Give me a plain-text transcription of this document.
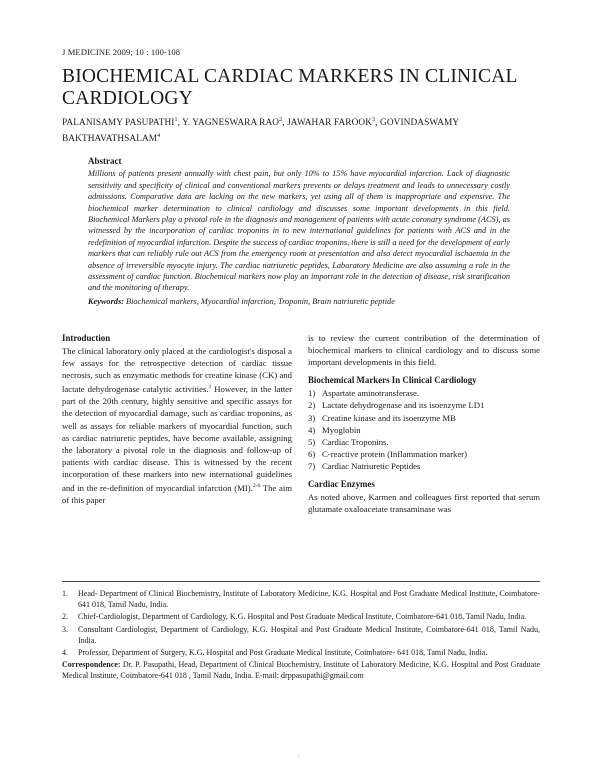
J MEDICINE 2009; 10 : 100-108
BIOCHEMICAL CARDIAC MARKERS IN CLINICAL CARDIOLOGY
PALANISAMY PASUPATHI$^1$, Y. YAGNESWARA RAO$^2$, JAWAHAR FAROOK$^3$, GOVINDASWAMY BAKTHAVATHSALAM$^4$
Abstract

Millions of patients present annually with chest pain, but only 10% to 15% have myocardial infarction. Lack of diagnostic sensitivity and specificity of clinical and conventional markers prevents or delays treatment and leads to unnecessary costly admissions. Comparative data are lacking on the new markers, yet using all of them is inappropriate and expensive. The biochemical marker determination to clinical cardiology and discusses some important developments in this field. Biochemical Markers play a pivotal role in the diagnosis and management of patients with acute coronary syndrome (ACS), as witnessed by the incorporation of cardiac troponins in to new international guidelines for patients with ACS and in the redefinition of myocardial infarction. Despite the success of cardiac troponins, there is still a need for the development of early markers that can reliably rule out ACS from the emergency room at presentation and also detect myocardial ischaemia in the absence of irreversible myocyte injury. The cardiac natriuretic peptides, Laboratory Medicine are also assuming a role in the assessment of cardiac function. Biochemical markers now play an important role in the detection of disease, risk stratification and the monitoring of therapy.

Keywords: Biochemical markers, Myocardial infarction, Troponin, Brain natriuretic peptide
Introduction

The clinical laboratory only placed at the cardiologist's disposal a few assays for the retrospective detection of cardiac tissue necrosis, such as enzymatic methods for creatine kinase (CK) and lactate dehydrogenase catalytic activities.$^1$ However, in the latter part of the 20th century, highly sensitive and specific assays for the detection of myocardial damage, such as cardiac troponins, as well as assays for reliable markers of myocardial function, such as cardiac natriuretic peptides, have become available, assigning the laboratory a pivotal role in the diagnosis and follow-up of patients with cardiac disease. This is witnessed by the recent incorporation of these markers into new international guidelines and in the re-definition of myocardial infarction (MI).$^{2-6}$ The aim of this paper

is to review the current contribution of the determination of biochemical markers to clinical cardiology and to discuss some important developments in this field.

Biochemical Markers In Clinical Cardiology
1) Aspartate aminotransferase.
2) Lactate dehydrogenase and its isoenzyme LD1
3) Creatine kinase and its isoenzyme MB
4) Myoglobin
5) Cardiac Troponins.
6) C-reactive protein (Inflammation marker)
7) Cardiac Natriuretic Peptides
Cardiac Enzymes

As noted above, Karmen and colleagues first reported that serum glutamate oxaloacetate transaminase was

1.	Head- Department of Clinical Biochemistry, Institute of Laboratory Medicine, K.G. Hospital and Post Graduate Medical Institute, Coimbatore-641 018, Tamil Nadu, India.
2.	Chief-Cardiologist, Department of Cardiology, K.G. Hospital and Post Graduate Medical Institute, Coimbatore-641 018, Tamil Nadu, India.
3.	Consultant Cardiologist, Department of Cardiology, K.G. Hospital and Post Graduate Medical Institute, Coimbatore-641 018, Tamil Nadu, India.
4.	Professor, Department of Surgery, K.G. Hospital and Post Graduate Medical Institute, Coimbatore- 641 018, Tamil Nadu, India.
Correspondence: Dr. P. Pasupathi, Head, Department of Clinical Biochemistry, Institute of Laboratory Medicine, K.G. Hospital and Post Graduate Medical Institute, Coimbatore-641 018 , Tamil Nadu, India. E-mail: drppasupathi@gmail.com
.
